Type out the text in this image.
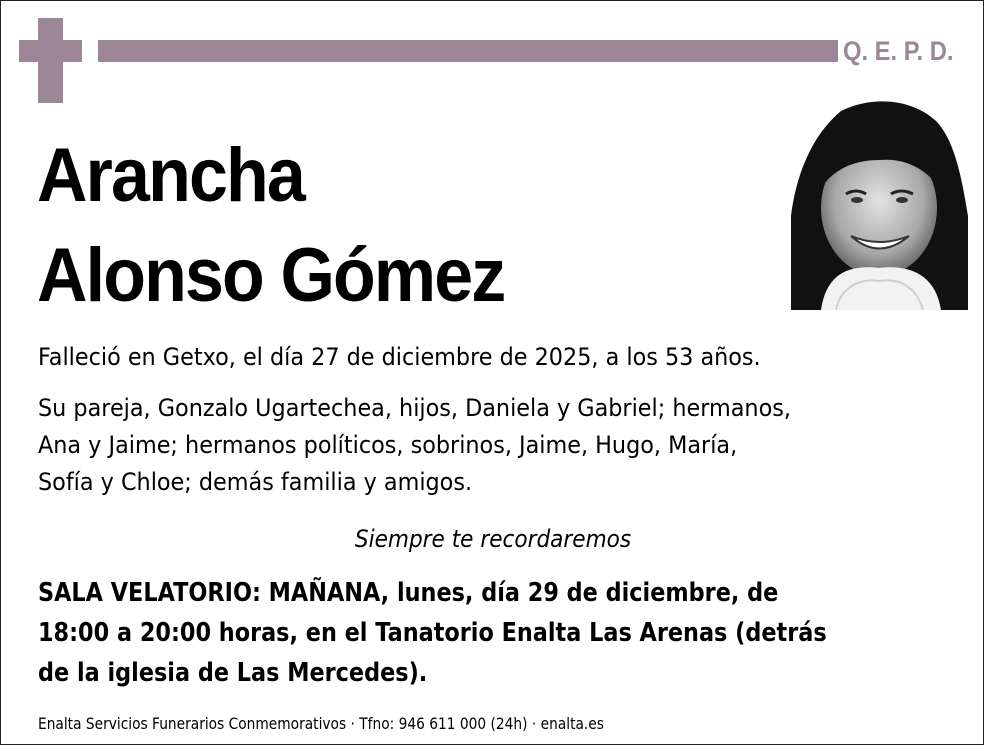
Q. E. P. D.
Arancha
Alonso Gómez
Falleció en Getxo, el día 27 de diciembre de 2025, a los 53 años.
Su pareja, Gonzalo Ugartechea, hijos, Daniela y Gabriel; hermanos,
Ana y Jaime; hermanos políticos, sobrinos, Jaime, Hugo, María,
Sofía y Chloe; demás familia y amigos.
Siempre te recordaremos
SALA VELATORIO: MAÑANA, lunes, día 29 de diciembre, de
18:00 a 20:00 horas, en el Tanatorio Enalta Las Arenas (detrás
de la iglesia de Las Mercedes).
Enalta Servicios Funerarios Conmemorativos · Tfno: 946 611 000 (24h) · enalta.es
